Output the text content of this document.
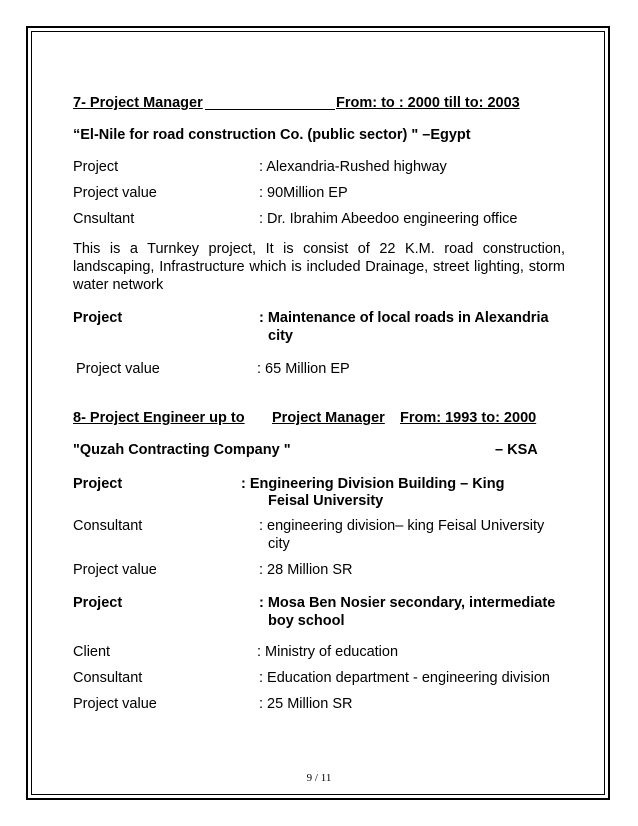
7- Project Manager	From: to : 2000 till to: 2003
“El-Nile for road construction Co. (public sector) " –Egypt
Project	: Alexandria-Rushed highway
Project value	: 90Million EP
Cnsultant	: Dr. Ibrahim Abeedoo engineering office
This is a Turnkey project, It is consist of 22 K.M. road construction, landscaping, Infrastructure which is included Drainage, street lighting, storm water network
Project	: Maintenance of local roads in Alexandria
city
Project value	: 65 Million EP
8- Project Engineer up to Project Manager From: 1993 to: 2000
"Quzah Contracting Company "	– KSA
Project	: Engineering Division Building – King
Feisal University
Consultant	: engineering division– king Feisal University
city
Project value	: 28 Million SR
Project	: Mosa Ben Nosier secondary, intermediate
boy school
Client	: Ministry of education
Consultant	: Education department - engineering division
Project value	: 25 Million SR
9 / 11
